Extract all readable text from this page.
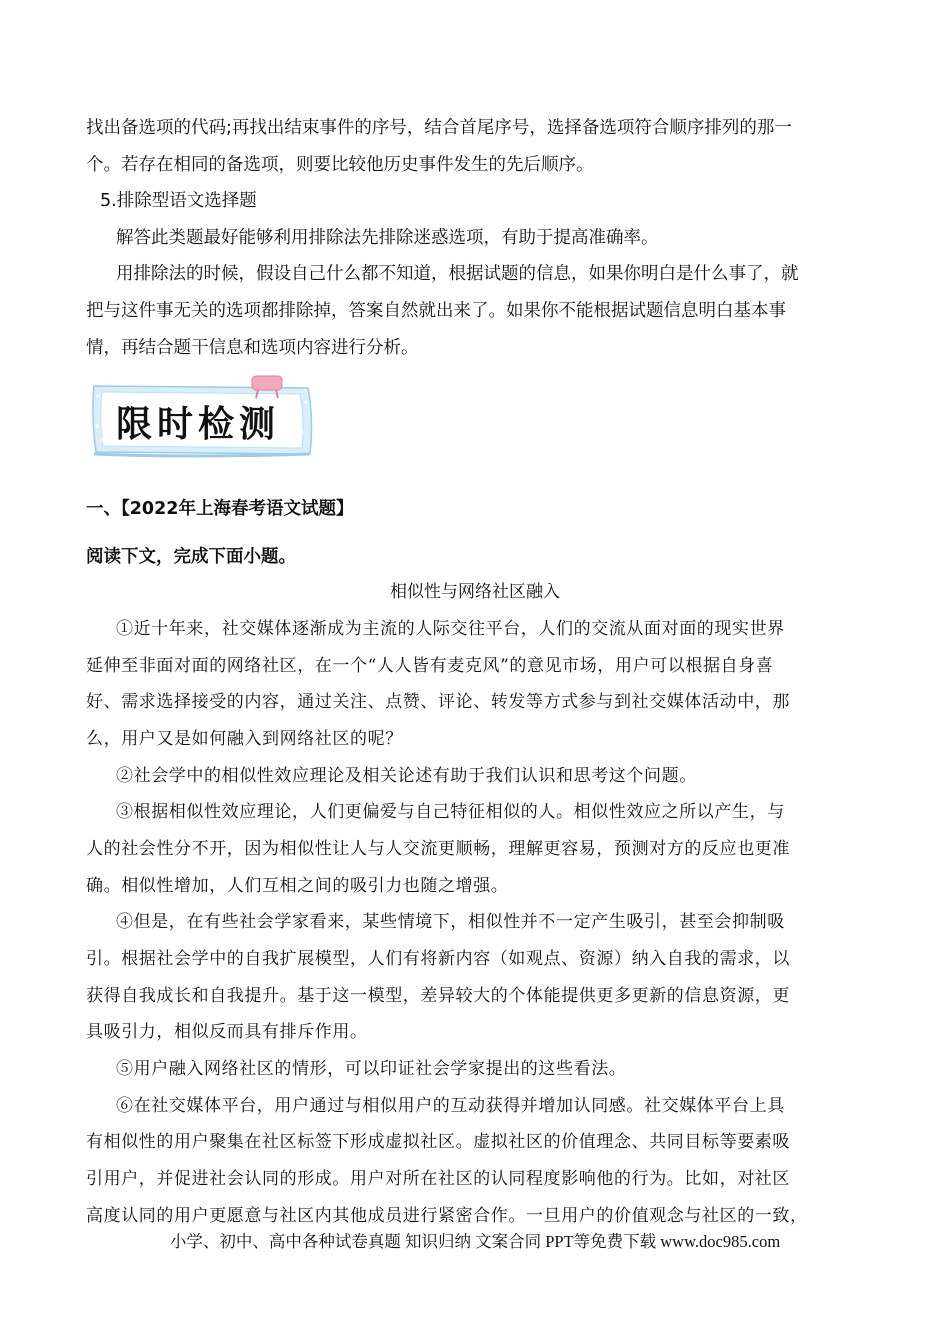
找出备选项的代码;再找出结束事件的序号，结合首尾序号，选择备选项符合顺序排列的那一
个。若存在相同的备选项，则要比较他历史事件发生的先后顺序。
5.排除型语文选择题
解答此类题最好能够利用排除法先排除迷惑选项，有助于提高准确率。
用排除法的时候，假设自己什么都不知道，根据试题的信息，如果你明白是什么事了，就
把与这件事无关的选项都排除掉，答案自然就出来了。如果你不能根据试题信息明白基本事
情，再结合题干信息和选项内容进行分析。
限时检测
一、【2022年上海春考语文试题】
阅读下文，完成下面小题。
相似性与网络社区融入
①近十年来，社交媒体逐渐成为主流的人际交往平台，人们的交流从面对面的现实世界
延伸至非面对面的网络社区，在一个“人人皆有麦克风”的意见市场，用户可以根据自身喜
好、需求选择接受的内容，通过关注、点赞、评论、转发等方式参与到社交媒体活动中，那
么，用户又是如何融入到网络社区的呢？
②社会学中的相似性效应理论及相关论述有助于我们认识和思考这个问题。
③根据相似性效应理论，人们更偏爱与自己特征相似的人。相似性效应之所以产生，与
人的社会性分不开，因为相似性让人与人交流更顺畅，理解更容易，预测对方的反应也更准
确。相似性增加，人们互相之间的吸引力也随之增强。
④但是，在有些社会学家看来，某些情境下，相似性并不一定产生吸引，甚至会抑制吸
引。根据社会学中的自我扩展模型，人们有将新内容（如观点、资源）纳入自我的需求，以
获得自我成长和自我提升。基于这一模型，差异较大的个体能提供更多更新的信息资源，更
具吸引力，相似反而具有排斥作用。
⑤用户融入网络社区的情形，可以印证社会学家提出的这些看法。
⑥在社交媒体平台，用户通过与相似用户的互动获得并增加认同感。社交媒体平台上具
有相似性的用户聚集在社区标签下形成虚拟社区。虚拟社区的价值理念、共同目标等要素吸
引用户，并促进社会认同的形成。用户对所在社区的认同程度影响他的行为。比如，对社区
高度认同的用户更愿意与社区内其他成员进行紧密合作。一旦用户的价值观念与社区的一致，
小学、初中、高中各种试卷真题 知识归纳 文案合同 PPT等免费下载 www.doc985.com
